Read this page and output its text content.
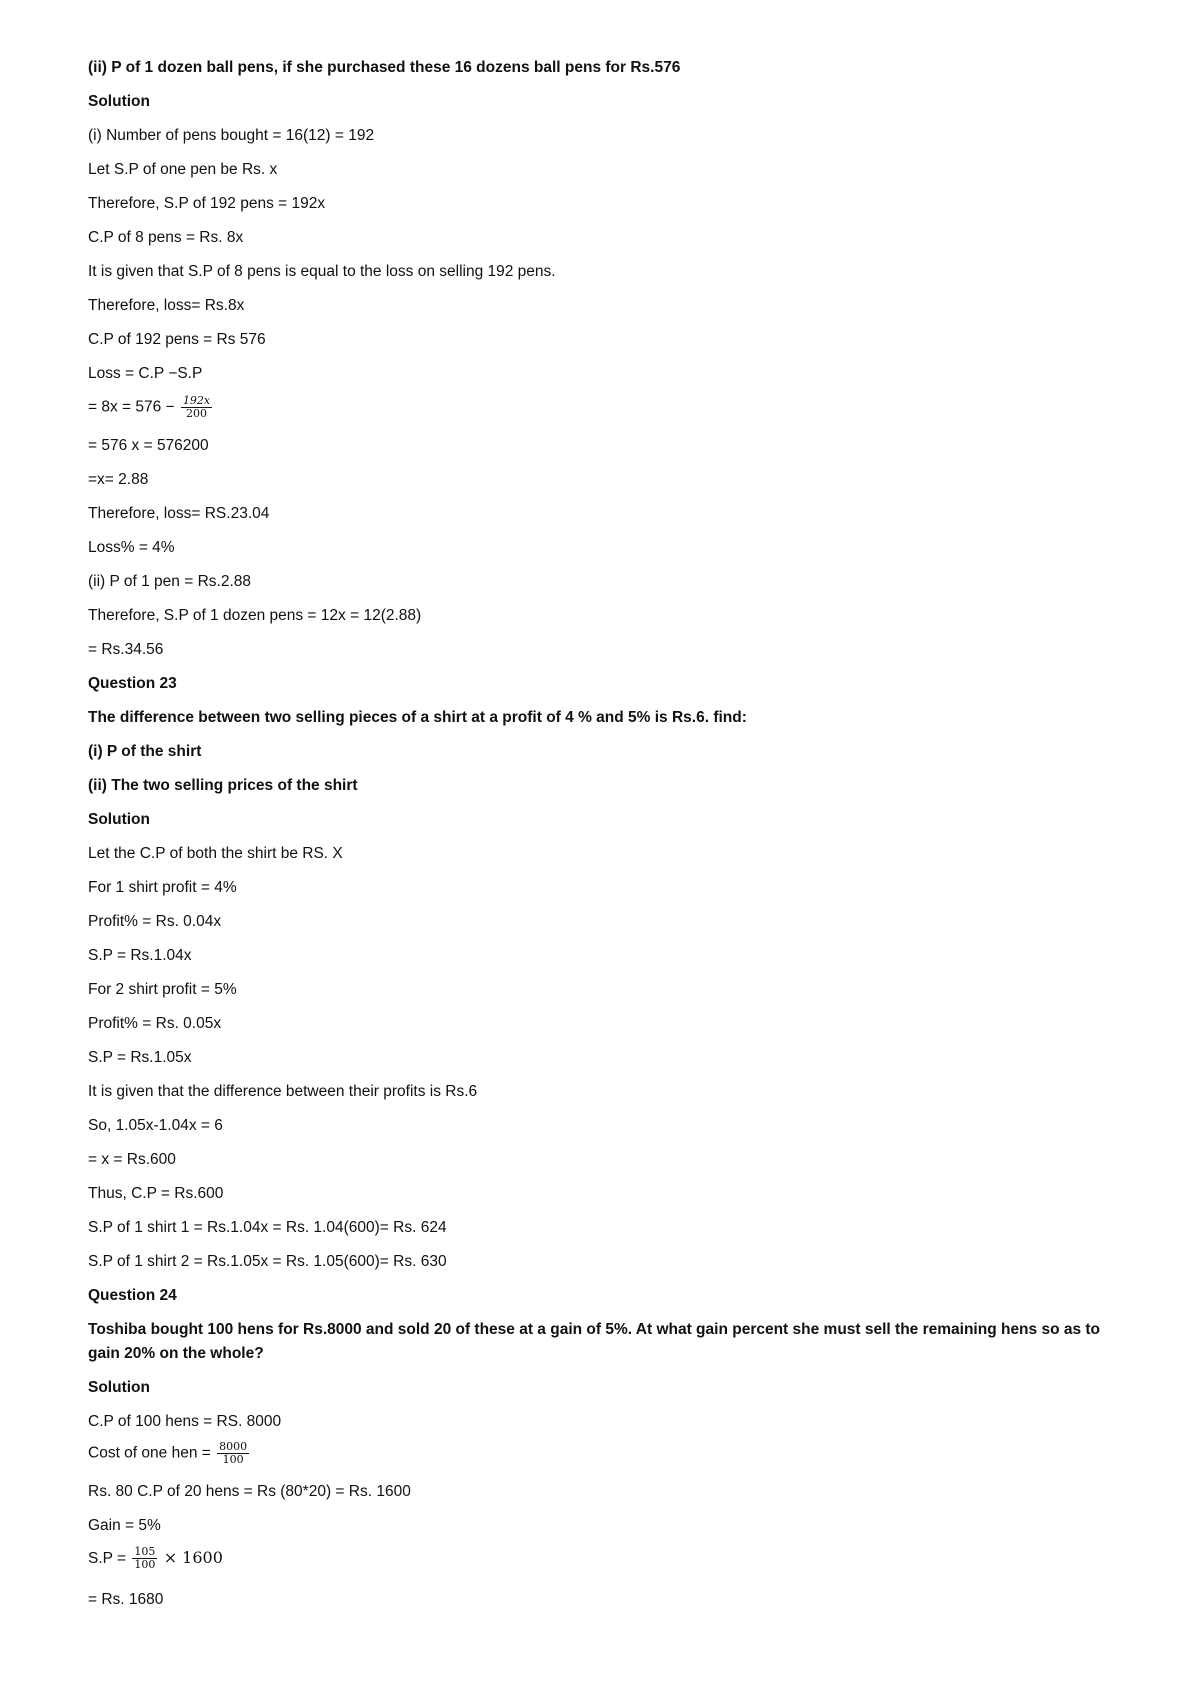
(ii) P of 1 dozen ball pens, if she purchased these 16 dozens ball pens for Rs.576
Solution
(i) Number of pens bought = 16(12) = 192
Let S.P of one pen be Rs. x
Therefore, S.P of 192 pens = 192x
C.P of 8 pens = Rs. 8x
It is given that S.P of 8 pens is equal to the loss on selling 192 pens.
Therefore, loss= Rs.8x
C.P of 192 pens = Rs 576
Loss = C.P −S.P
= $8x = 576 - \frac{192x}{200}$
= 576 x = 576200
=x= 2.88
Therefore, loss= RS.23.04
Loss% = 4%
(ii) P of 1 pen = Rs.2.88
Therefore, S.P of 1 dozen pens = 12x = 12(2.88)
= Rs.34.56
Question 23
The difference between two selling pieces of a shirt at a profit of 4 % and 5% is Rs.6. find:
(i) P of the shirt
(ii) The two selling prices of the shirt
Solution
Let the C.P of both the shirt be RS. X
For 1 shirt profit = 4%
Profit% = Rs. 0.04x
S.P = Rs.1.04x
For 2 shirt profit = 5%
Profit% = Rs. 0.05x
S.P = Rs.1.05x
It is given that the difference between their profits is Rs.6
So, 1.05x-1.04x = 6
= x = Rs.600
Thus, C.P = Rs.600
S.P of 1 shirt 1 = Rs.1.04x = Rs. 1.04(600)= Rs. 624
S.P of 1 shirt 2 = Rs.1.05x = Rs. 1.05(600)= Rs. 630
Question 24
Toshiba bought 100 hens for Rs.8000 and sold 20 of these at a gain of 5%. At what gain percent she must sell the remaining hens so as to gain 20% on the whole?
Solution
C.P of 100 hens = RS. 8000
Cost of one hen = $\frac{8000}{100}$
Rs. 80 C.P of 20 hens = Rs (80*20) = Rs. 1600
Gain = 5%
$S.P = \frac{105}{100} \times 1600$
= Rs. 1680
